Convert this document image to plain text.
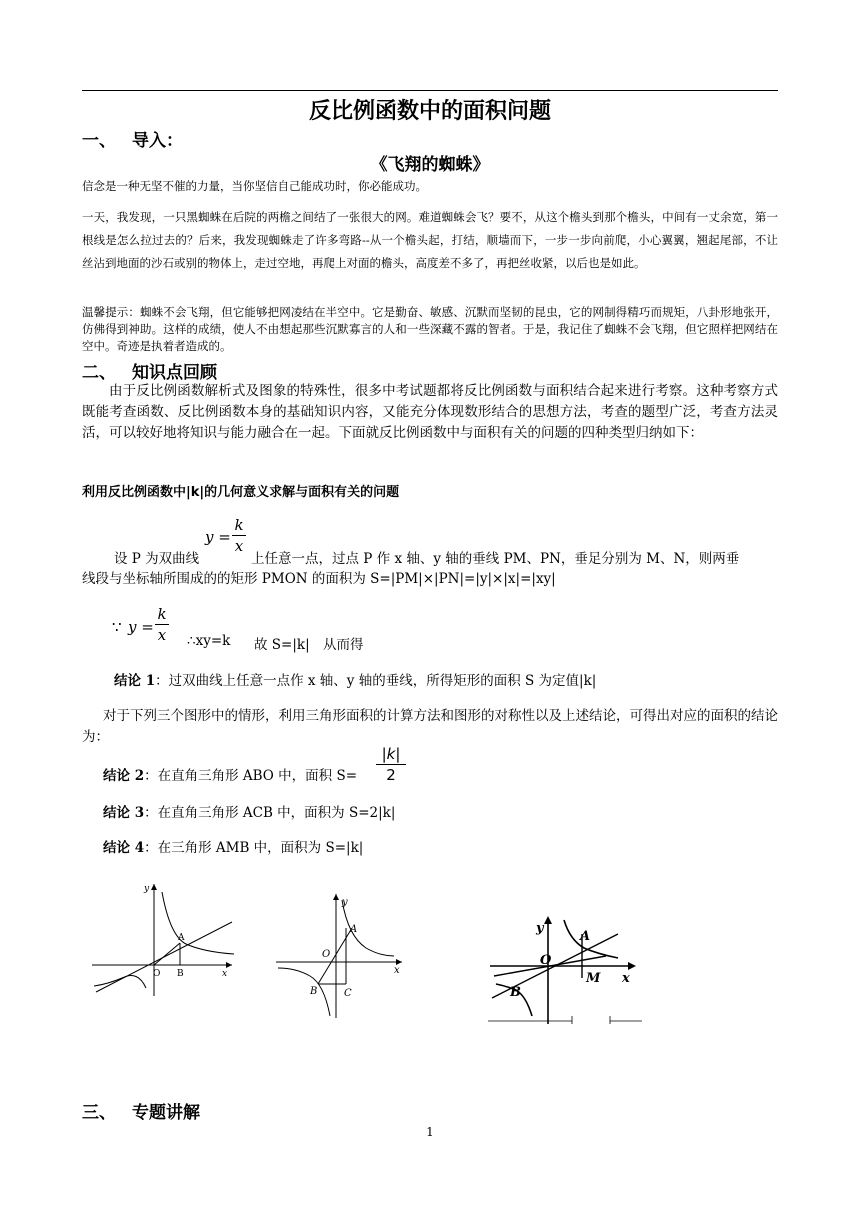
反比例函数中的面积问题
一、 导入：
《飞翔的蜘蛛》
信念是一种无坚不催的力量，当你坚信自己能成功时，你必能成功。
一天，我发现，一只黑蜘蛛在后院的两檐之间结了一张很大的网。难道蜘蛛会飞？要不，从这个檐头到那个檐头，中间有一丈余宽，第一根线是怎么拉过去的？后来，我发现蜘蛛走了许多弯路--从一个檐头起，打结，顺墙而下，一步一步向前爬，小心翼翼，翘起尾部，不让丝沾到地面的沙石或别的物体上，走过空地，再爬上对面的檐头，高度差不多了，再把丝收紧，以后也是如此。
温馨提示：蜘蛛不会飞翔，但它能够把网凌结在半空中。它是勤奋、敏感、沉默而坚韧的昆虫，它的网制得精巧而规矩，八卦形地张开，仿佛得到神助。这样的成绩，使人不由想起那些沉默寡言的人和一些深藏不露的智者。于是，我记住了蜘蛛不会飞翔，但它照样把网结在空中。奇迹是执着者造成的。
二、 知识点回顾
由于反比例函数解析式及图象的特殊性，很多中考试题都将反比例函数与面积结合起来进行考察。这种考察方式既能考查函数、反比例函数本身的基础知识内容，又能充分体现数形结合的思想方法，考查的题型广泛，考查方法灵活，可以较好地将知识与能力融合在一起。下面就反比例函数中与面积有关的问题的四种类型归纳如下：
利用反比例函数中|k|的几何意义求解与面积有关的问题
y =
k
x
设 P 为双曲线	上任意一点，过点 P 作 x 轴、y 轴的垂线 PM、PN，垂足分别为 M、N，则两垂
线段与坐标轴所围成的的矩形 PMON 的面积为 S=|PM|×|PN|=|y|×|x|=|xy|
∵ y =
k
x ∴xy=k 故 S=|k| 从而得
结论 1：过双曲线上任意一点作 x 轴、y 轴的垂线，所得矩形的面积 S 为定值|k|
对于下列三个图形中的情形，利用三角形面积的计算方法和图形的对称性以及上述结论，可得出对应的面积的结论为：
结论 2：在直角三角形 ABO 中，面积 S=
|k|
2
结论 3：在直角三角形 ACB 中，面积为 S=2|k|
结论 4：在三角形 AMB 中，面积为 S=|k|
y
x
O
A
B
y
x
O
A
B	C
y
x
O
A
B
M
三、 专题讲解
1
